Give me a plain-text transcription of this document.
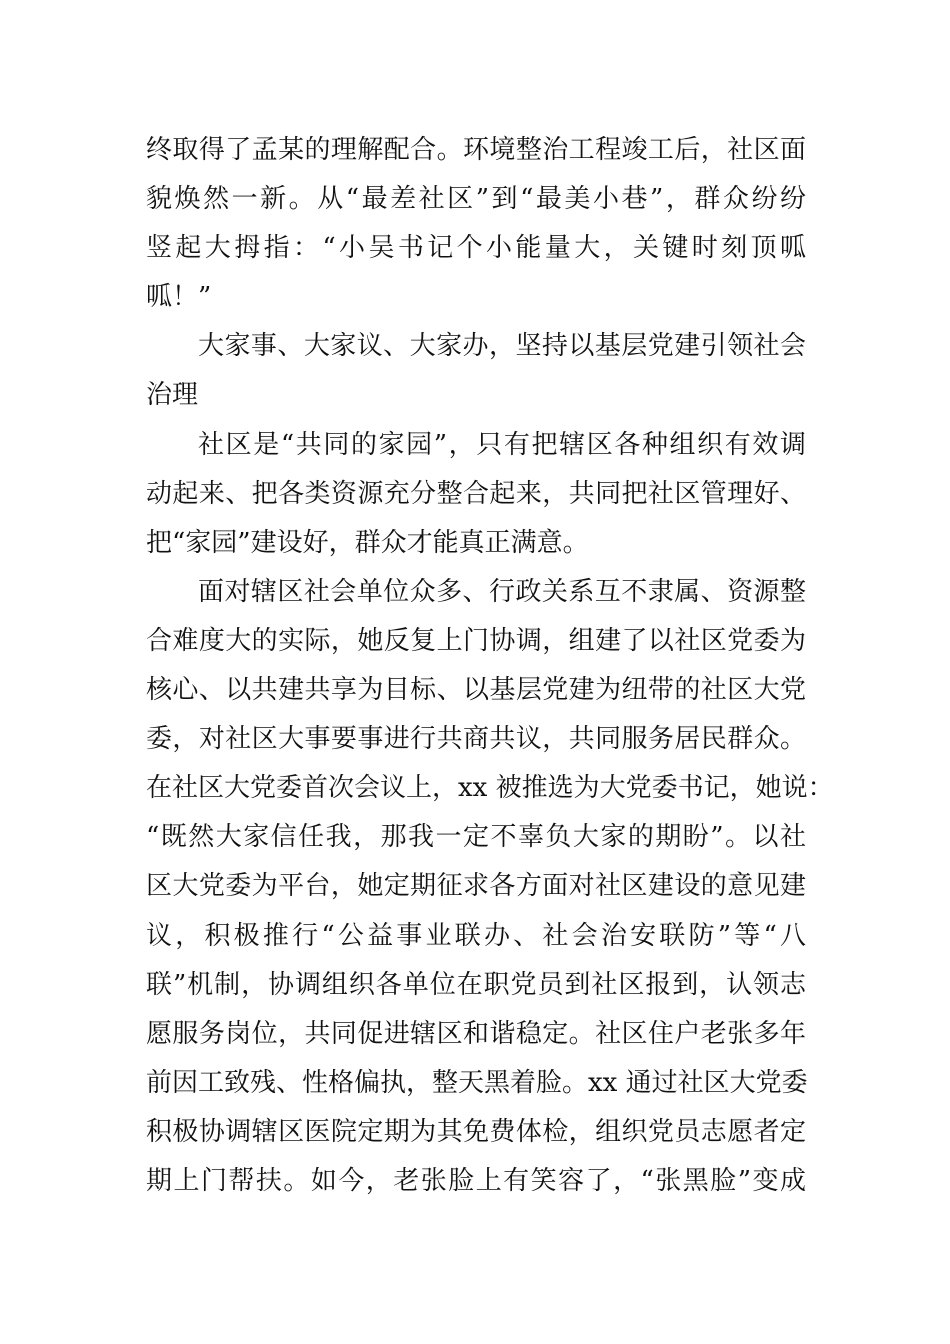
终取得了孟某的理解配合。环境整治工程竣工后，社区面
貌焕然一新。从“最差社区”到“最美小巷”，群众纷纷
竖起大拇指：“小吴书记个小能量大，关键时刻顶呱
呱！”
大家事、大家议、大家办，坚持以基层党建引领社会
治理
社区是“共同的家园”，只有把辖区各种组织有效调
动起来、把各类资源充分整合起来，共同把社区管理好、
把“家园”建设好，群众才能真正满意。
面对辖区社会单位众多、行政关系互不隶属、资源整
合难度大的实际，她反复上门协调，组建了以社区党委为
核心、以共建共享为目标、以基层党建为纽带的社区大党
委，对社区大事要事进行共商共议，共同服务居民群众。
在社区大党委首次会议上，xx 被推选为大党委书记，她说：
“既然大家信任我，那我一定不辜负大家的期盼”。以社
区大党委为平台，她定期征求各方面对社区建设的意见建
议，积极推行“公益事业联办、社会治安联防”等“八
联”机制，协调组织各单位在职党员到社区报到，认领志
愿服务岗位，共同促进辖区和谐稳定。社区住户老张多年
前因工致残、性格偏执，整天黑着脸。xx 通过社区大党委
积极协调辖区医院定期为其免费体检，组织党员志愿者定
期上门帮扶。如今，老张脸上有笑容了，“张黑脸”变成
